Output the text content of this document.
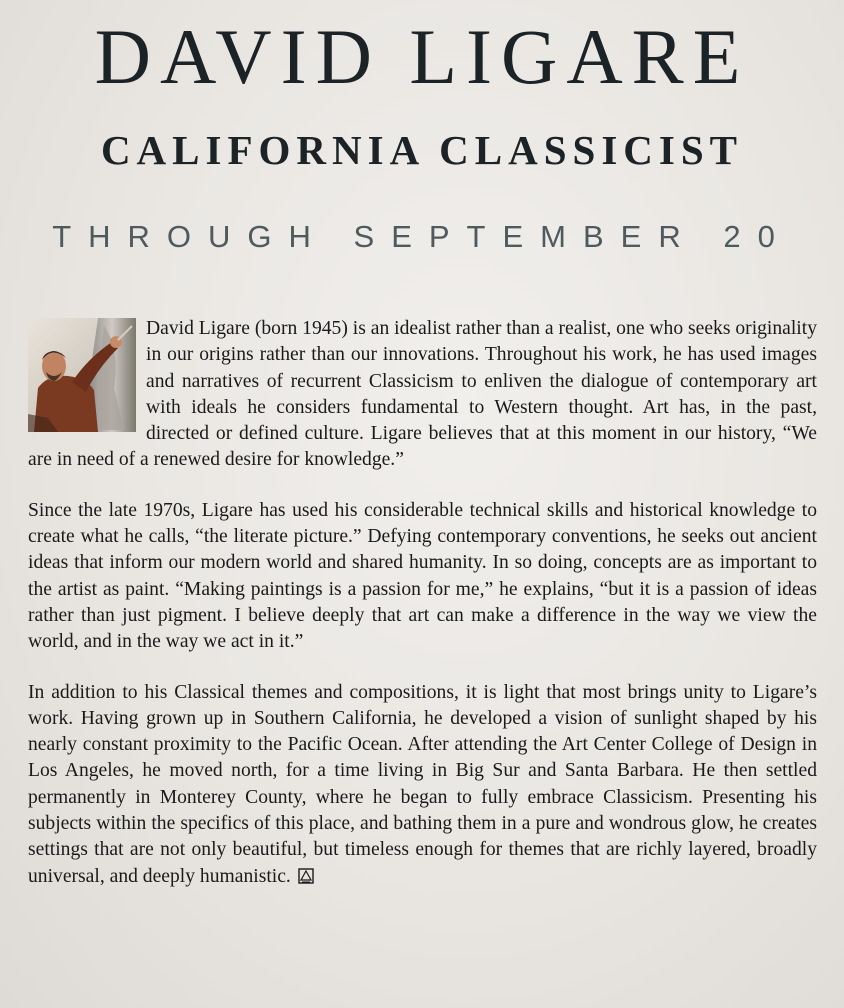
DAVID LIGARE
CALIFORNIA CLASSICIST
THROUGH SEPTEMBER 20

David Ligare (born 1945) is an idealist rather than a realist, one who seeks originality in our origins rather than our innovations. Throughout his work, he has used images and narratives of recurrent Classicism to enliven the dialogue of contemporary art with ideals he considers fundamental to Western thought. Art has, in the past, directed or defined culture. Ligare believes that at this moment in our history, “We are in need of a renewed desire for knowledge.”

Since the late 1970s, Ligare has used his considerable technical skills and historical knowledge to create what he calls, “the literate picture.” Defying contemporary conventions, he seeks out ancient ideas that inform our modern world and shared humanity. In so doing, concepts are as important to the artist as paint. “Making paintings is a passion for me,” he explains, “but it is a passion of ideas rather than just pigment. I believe deeply that art can make a difference in the way we view the world, and in the way we act in it.”

In addition to his Classical themes and compositions, it is light that most brings unity to Ligare’s work. Having grown up in Southern California, he developed a vision of sunlight shaped by his nearly constant proximity to the Pacific Ocean. After attending the Art Center College of Design in Los Angeles, he moved north, for a time living in Big Sur and Santa Barbara. He then settled permanently in Monterey County, where he began to fully embrace Classicism. Presenting his subjects within the specifics of this place, and bathing them in a pure and wondrous glow, he creates settings that are not only beautiful, but timeless enough for themes that are richly layered, broadly universal, and deeply humanistic.
